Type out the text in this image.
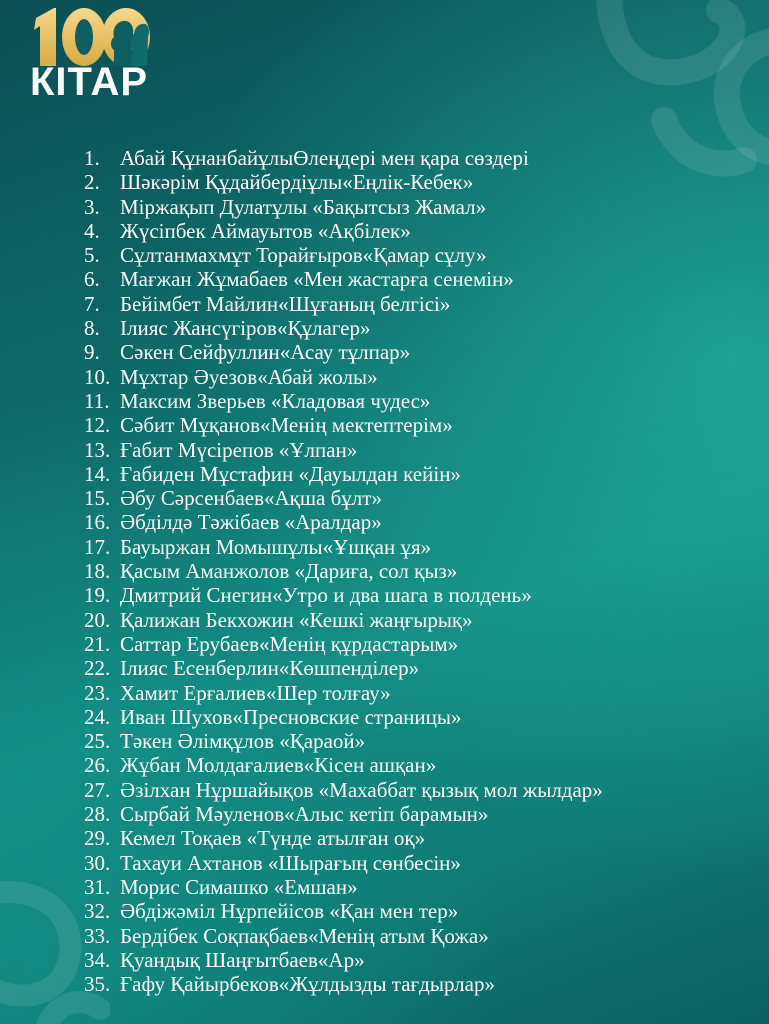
КІТАР
1. Абай ҚұнанбайұлыӨлеңдері мен қара сөздері
2. Шәкәрім Құдайбердіұлы«Еңлік-Кебек»
3. Міржақып Дулатұлы «Бақытсыз Жамал»
4. Жүсіпбек Аймауытов «Ақбілек»
5. Сұлтанмахмұт Торайғыров«Қамар сұлу»
6. Мағжан Жұмабаев «Мен жастарға сенемін»
7. Бейімбет Майлин«Шұғаның белгісі»
8. Ілияс Жансүгіров«Құлагер»
9. Сәкен Сейфуллин«Асау тұлпар»
10. Мұхтар Әуезов«Абай жолы»
11. Максим Зверьев «Кладовая чудес»
12. Сәбит Мұқанов«Менің мектептерім»
13. Ғабит Мүсірепов «Ұлпан»
14. Ғабиден Мұстафин «Дауылдан кейін»
15. Әбу Сәрсенбаев«Ақша бұлт»
16. Әбділдә Тәжібаев «Аралдар»
17. Бауыржан Момышұлы«Ұшқан ұя»
18. Қасым Аманжолов «Дариға, сол қыз»
19. Дмитрий Снегин«Утро и два шага в полдень»
20. Қалижан Бекхожин «Кешкі жаңғырық»
21. Саттар Ерубаев«Менің құрдастарым»
22. Ілияс Есенберлин«Көшпенділер»
23. Хамит Ерғалиев«Шер толғау»
24. Иван Шухов«Пресновские страницы»
25. Тәкен Әлімқұлов «Қараой»
26. Жұбан Молдағалиев«Кісен ашқан»
27. Әзілхан Нұршайықов «Махаббат қызық мол жылдар»
28. Сырбай Мәуленов«Алыс кетіп барамын»
29. Кемел Тоқаев «Түнде атылған оқ»
30. Тахауи Ахтанов «Шырағың сөнбесін»
31. Морис Симашко «Емшан»
32. Әбдіжәміл Нұрпейісов «Қан мен тер»
33. Бердібек Соқпақбаев«Менің атым Қожа»
34. Қуандық Шаңғытбаев«Ар»
35. Ғафу Қайырбеков«Жұлдызды тағдырлар»
